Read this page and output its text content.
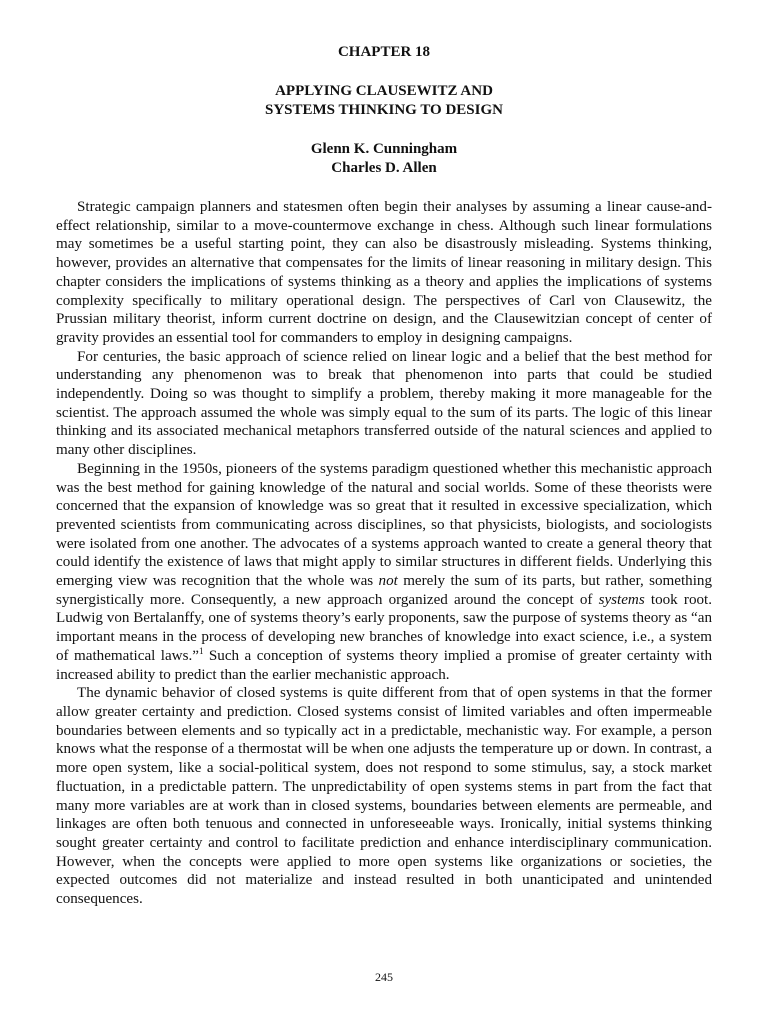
CHAPTER 18
APPLYING CLAUSEWITZ AND
SYSTEMS THINKING TO DESIGN
Glenn K. Cunningham
Charles D. Allen

Strategic campaign planners and statesmen often begin their analyses by assuming a linear cause-and-effect relationship, similar to a move-countermove exchange in chess. Although such linear formulations may sometimes be a useful starting point, they can also be disastrously misleading. Systems thinking, however, provides an alternative that compensates for the limits of linear reasoning in military design. This chapter considers the implications of systems thinking as a theory and applies the implications of systems complexity specifically to military operational design. The perspectives of Carl von Clausewitz, the Prussian military theorist, inform current doctrine on design, and the Clausewitzian concept of center of gravity provides an essential tool for commanders to employ in designing campaigns.

For centuries, the basic approach of science relied on linear logic and a belief that the best method for understanding any phenomenon was to break that phenomenon into parts that could be studied independently. Doing so was thought to simplify a problem, thereby making it more manageable for the scientist. The approach assumed the whole was simply equal to the sum of its parts. The logic of this linear thinking and its associated mechanical metaphors transferred outside of the natural sciences and applied to many other disciplines.

Beginning in the 1950s, pioneers of the systems paradigm questioned whether this mechanistic approach was the best method for gaining knowledge of the natural and social worlds. Some of these theorists were concerned that the expansion of knowledge was so great that it resulted in excessive specialization, which prevented scientists from communicating across disciplines, so that physicists, biologists, and sociologists were isolated from one another. The advocates of a systems approach wanted to create a general theory that could identify the existence of laws that might apply to similar structures in different fields. Underlying this emerging view was recognition that the whole was not merely the sum of its parts, but rather, something synergistically more. Consequently, a new approach organized around the concept of systems took root. Ludwig von Bertalanffy, one of systems theory’s early proponents, saw the purpose of systems theory as “an important means in the process of developing new branches of knowledge into exact science, i.e., a system of mathematical laws.”$^1$ Such a conception of systems theory implied a promise of greater certainty with increased ability to predict than the earlier mechanistic approach.

The dynamic behavior of closed systems is quite different from that of open systems in that the former allow greater certainty and prediction. Closed systems consist of limited variables and often impermeable boundaries between elements and so typically act in a predictable, mechanistic way. For example, a person knows what the response of a thermostat will be when one adjusts the temperature up or down. In contrast, a more open system, like a social-political system, does not respond to some stimulus, say, a stock market fluctuation, in a predictable pattern. The unpredictability of open systems stems in part from the fact that many more variables are at work than in closed systems, boundaries between elements are permeable, and linkages are often both tenuous and connected in unforeseeable ways. Ironically, initial systems thinking sought greater certainty and control to facilitate prediction and enhance interdisciplinary communication. However, when the concepts were applied to more open systems like organizations or societies, the expected outcomes did not materialize and instead resulted in both unanticipated and unintended consequences.

245
